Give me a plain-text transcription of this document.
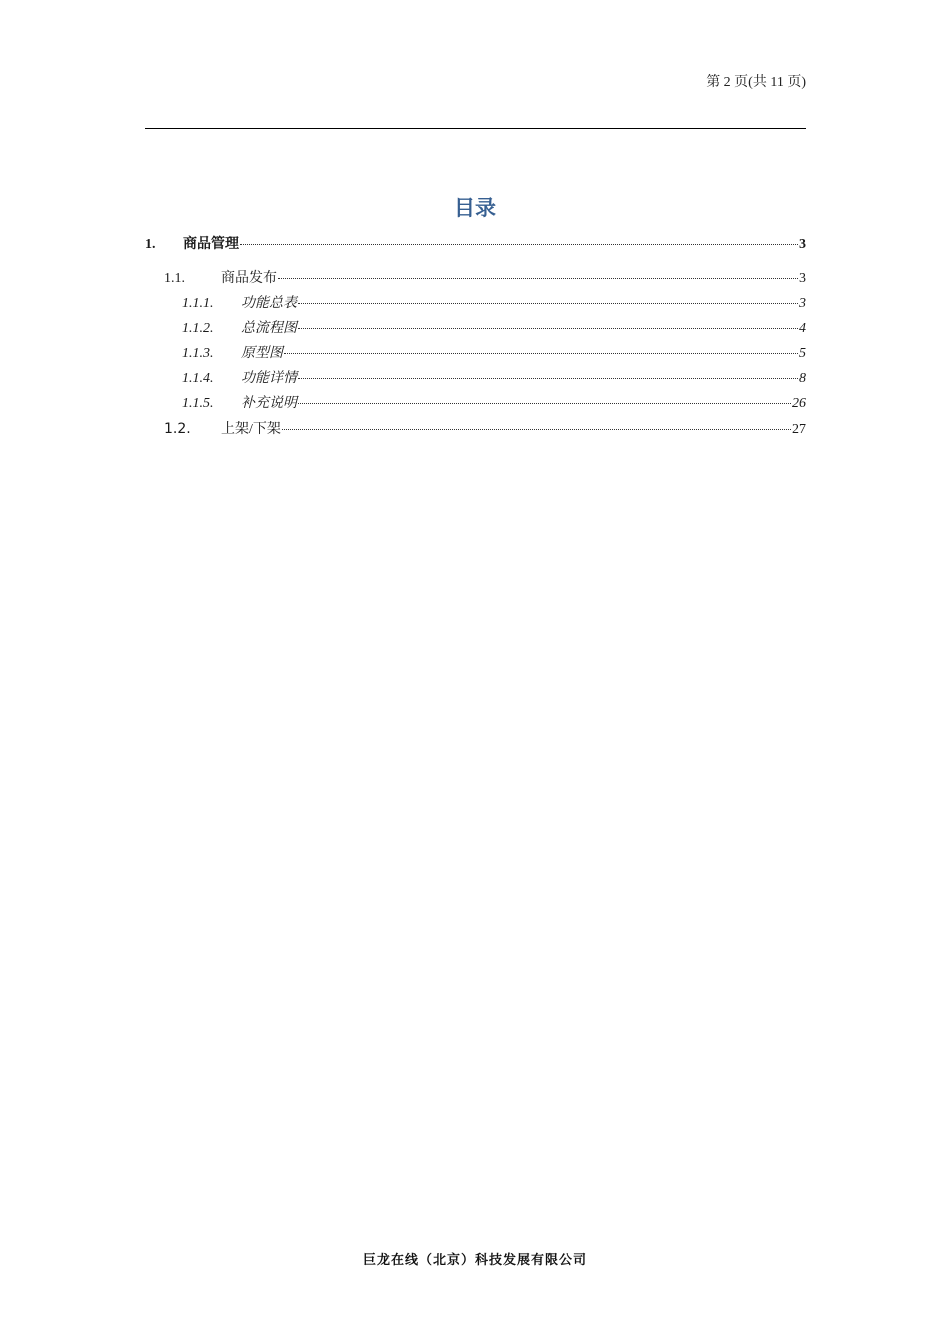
第 2 页(共 11 页)
目录
1.	商品管理	3
1.1.	商品发布	3
1.1.1.	功能总表	3
1.1.2.	总流程图	4
1.1.3.	原型图	5
1.1.4.	功能详情	8
1.1.5.	补充说明	26
1.2.	上架/下架	27
巨龙在线（北京）科技发展有限公司
